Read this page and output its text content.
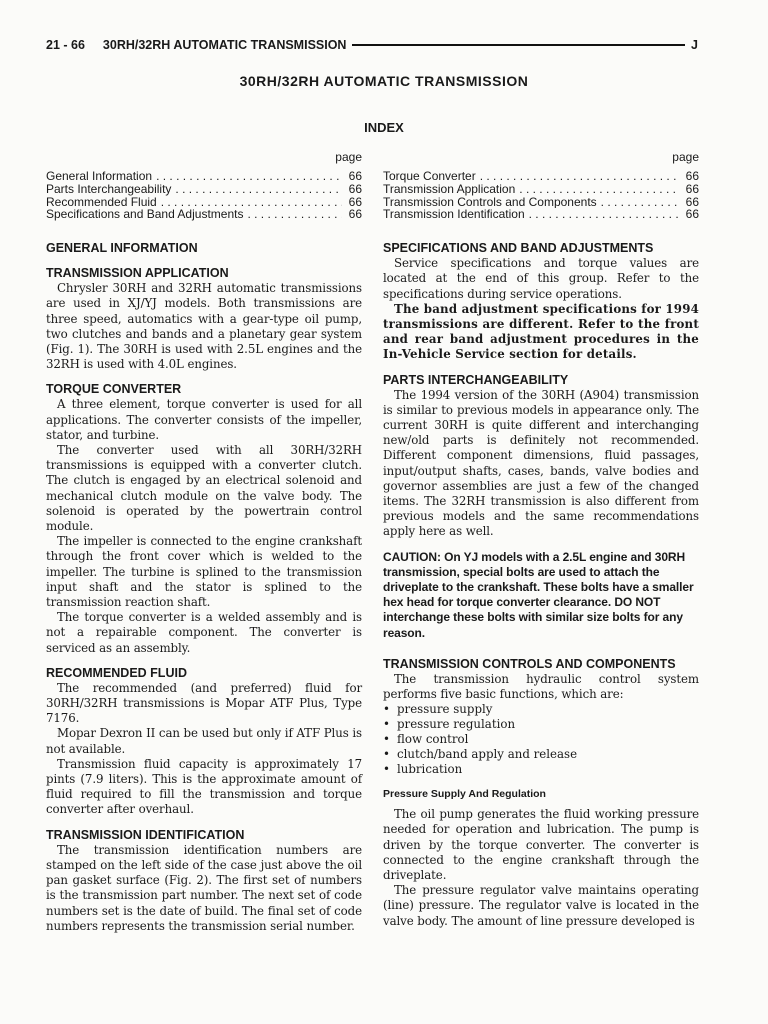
21 - 66 30RH/32RH AUTOMATIC TRANSMISSION	J
30RH/32RH AUTOMATIC TRANSMISSION
INDEX
page
General Information . . .	66
Parts Interchangeability . . .	66
Recommended Fluid . . .	66
Specifications and Band Adjustments . . .	66
GENERAL INFORMATION
TRANSMISSION APPLICATION

Chrysler 30RH and 32RH automatic transmissions are used in XJ/YJ models. Both transmissions are three speed, automatics with a gear-type oil pump, two clutches and bands and a planetary gear system (Fig. 1). The 30RH is used with 2.5L engines and the 32RH is used with 4.0L engines.

TORQUE CONVERTER

A three element, torque converter is used for all applications. The converter consists of the impeller, stator, and turbine.

The converter used with all 30RH/32RH transmissions is equipped with a converter clutch. The clutch is engaged by an electrical solenoid and mechanical clutch module on the valve body. The solenoid is operated by the powertrain control module.

The impeller is connected to the engine crankshaft through the front cover which is welded to the impeller. The turbine is splined to the transmission input shaft and the stator is splined to the transmission reaction shaft.

The torque converter is a welded assembly and is not a repairable component. The converter is serviced as an assembly.

RECOMMENDED FLUID

The recommended (and preferred) fluid for 30RH/32RH transmissions is Mopar ATF Plus, Type 7176.

Mopar Dexron II can be used but only if ATF Plus is not available.

Transmission fluid capacity is approximately 17 pints (7.9 liters). This is the approximate amount of fluid required to fill the transmission and torque converter after overhaul.

TRANSMISSION IDENTIFICATION

The transmission identification numbers are stamped on the left side of the case just above the oil pan gasket surface (Fig. 2). The first set of numbers is the transmission part number. The next set of code numbers set is the date of build. The final set of code numbers represents the transmission serial number.

page
Torque Converter . . .	66
Transmission Application . . .	66
Transmission Controls and Components . . .	66
Transmission Identification . . .	66
SPECIFICATIONS AND BAND ADJUSTMENTS

Service specifications and torque values are located at the end of this group. Refer to the specifications during service operations.

The band adjustment specifications for 1994 transmissions are different. Refer to the front and rear band adjustment procedures in the In-Vehicle Service section for details.

PARTS INTERCHANGEABILITY

The 1994 version of the 30RH (A904) transmission is similar to previous models in appearance only. The current 30RH is quite different and interchanging new/old parts is definitely not recommended. Different component dimensions, fluid passages, input/output shafts, cases, bands, valve bodies and governor assemblies are just a few of the changed items. The 32RH transmission is also different from previous models and the same recommendations apply here as well.

CAUTION: On YJ models with a 2.5L engine and 30RH transmission, special bolts are used to attach the driveplate to the crankshaft. These bolts have a smaller hex head for torque converter clearance. DO NOT interchange these bolts with similar size bolts for any reason.

TRANSMISSION CONTROLS AND COMPONENTS

The transmission hydraulic control system performs five basic functions, which are:

• pressure supply
• pressure regulation
• flow control
• clutch/band apply and release
• lubrication
Pressure Supply And Regulation

The oil pump generates the fluid working pressure needed for operation and lubrication. The pump is driven by the torque converter. The converter is connected to the engine crankshaft through the driveplate.

The pressure regulator valve maintains operating (line) pressure. The regulator valve is located in the valve body. The amount of line pressure developed is
